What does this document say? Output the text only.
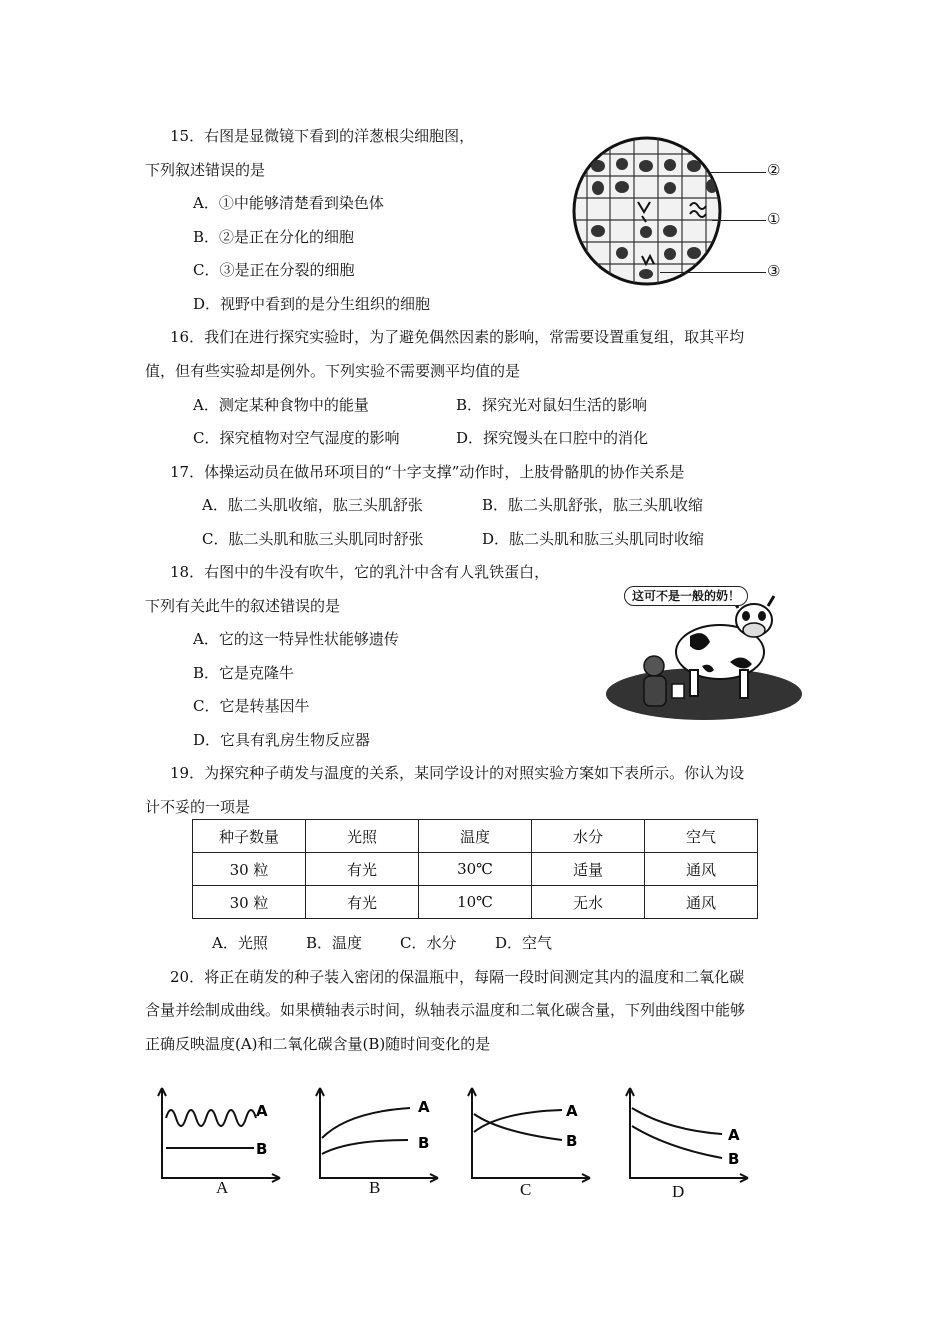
15．右图是显微镜下看到的洋葱根尖细胞图，
下列叙述错误的是
A．①中能够清楚看到染色体
B．②是正在分化的细胞
C．③是正在分裂的细胞
D．视野中看到的是分生组织的细胞
②
①
③
16．我们在进行探究实验时，为了避免偶然因素的影响，常需要设置重复组，取其平均
值，但有些实验却是例外。下列实验不需要测平均值的是
A．测定某种食物中的能量	B．探究光对鼠妇生活的影响
C．探究植物对空气湿度的影响	D．探究馒头在口腔中的消化
17．体操运动员在做吊环项目的“十字支撑”动作时，上肢骨骼肌的协作关系是
A．肱二头肌收缩，肱三头肌舒张	B．肱二头肌舒张，肱三头肌收缩
C．肱二头肌和肱三头肌同时舒张	D．肱二头肌和肱三头肌同时收缩
18．右图中的牛没有吹牛，它的乳汁中含有人乳铁蛋白，
下列有关此牛的叙述错误的是
A．它的这一特异性状能够遗传
B．它是克隆牛
C．它是转基因牛
D．它具有乳房生物反应器
这可不是一般的奶！
19．为探究种子萌发与温度的关系，某同学设计的对照实验方案如下表所示。你认为设
计不妥的一项是
种子数量	光照	温度	水分	空气
30 粒	有光	30℃	适量	通风
30 粒	有光	10℃	无水	通风
A．光照	B．温度	C．水分	D．空气
20．将正在萌发的种子装入密闭的保温瓶中，每隔一段时间测定其内的温度和二氧化碳
含量并绘制成曲线。如果横轴表示时间，纵轴表示温度和二氧化碳含量，下列曲线图中能够
正确反映温度(A)和二氧化碳含量(B)随时间变化的是
A
B
A
A
B
B
A
B
C
A
B
D
